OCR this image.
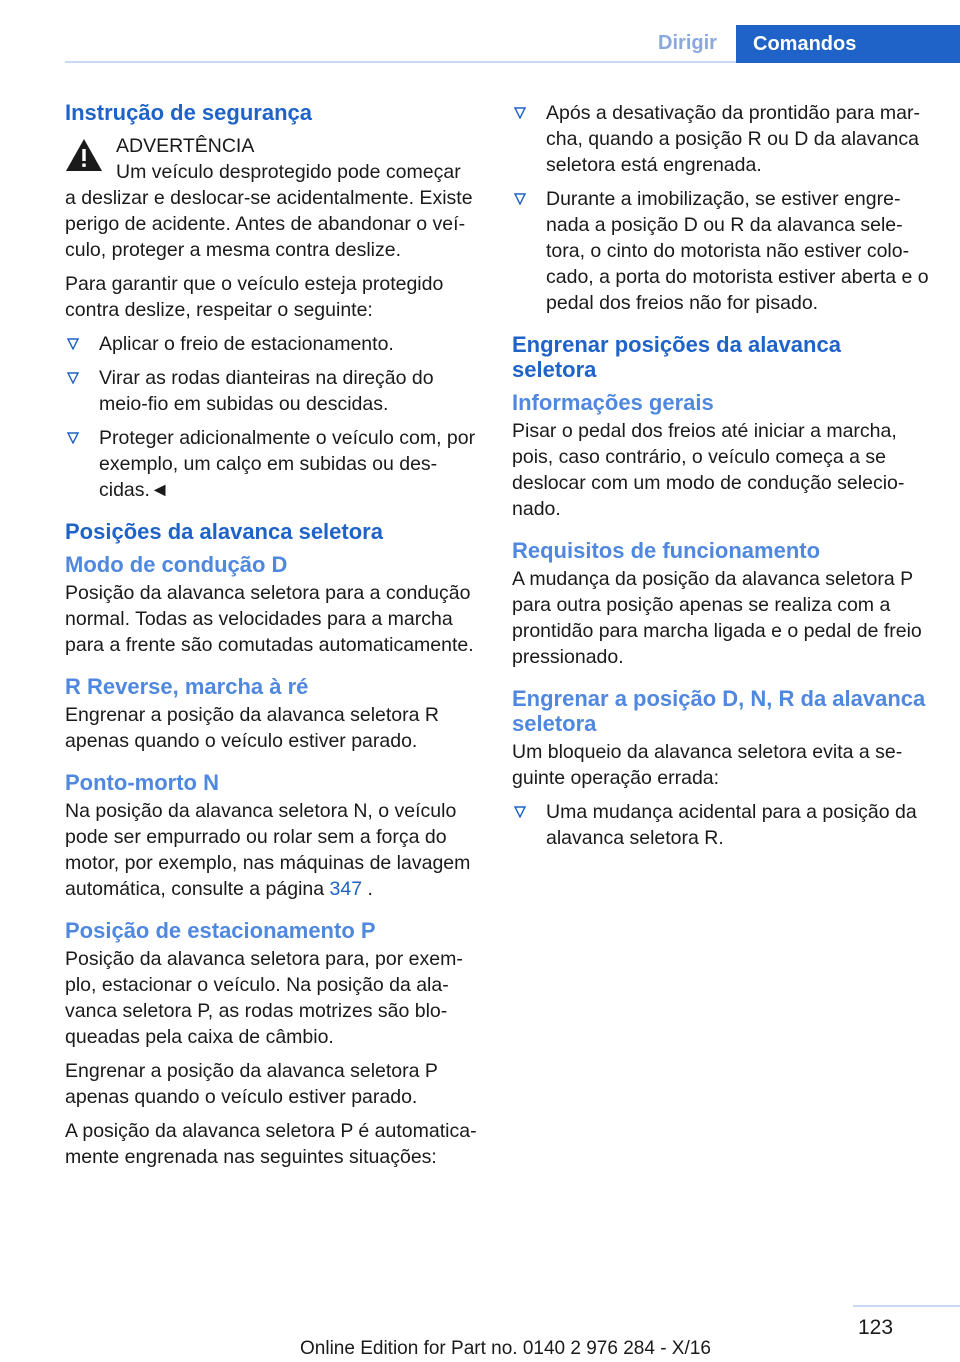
Dirigir	Comandos
Instrução de segurança
ADVERTÊNCIA
Um veículo desprotegido pode começar

a deslizar e deslocar-se acidentalmente. Existe perigo de acidente. Antes de abandonar o veículo, proteger a mesma contra deslize.

Para garantir que o veículo esteja protegido contra deslize, respeitar o seguinte:

Aplicar o freio de estacionamento.
Virar as rodas dianteiras na direção do meio-fio em subidas ou descidas.
Proteger adicionalmente o veículo com, por exemplo, um calço em subidas ou descidas.◄
Posições da alavanca seletora
Modo de condução D

Posição da alavanca seletora para a condução normal. Todas as velocidades para a marcha para a frente são comutadas automaticamente.

R Reverse, marcha à ré

Engrenar a posição da alavanca seletora R apenas quando o veículo estiver parado.

Ponto-morto N

Na posição da alavanca seletora N, o veículo pode ser empurrado ou rolar sem a força do motor, por exemplo, nas máquinas de lavagem automática, consulte a página 347 .

Posição de estacionamento P

Posição da alavanca seletora para, por exemplo, estacionar o veículo. Na posição da alavanca seletora P, as rodas motrizes são bloqueadas pela caixa de câmbio.

Engrenar a posição da alavanca seletora P apenas quando o veículo estiver parado.

A posição da alavanca seletora P é automaticamente engrenada nas seguintes situações:

Após a desativação da prontidão para marcha, quando a posição R ou D da alavanca seletora está engrenada.
Durante a imobilização, se estiver engrenada a posição D ou R da alavanca seletora, o cinto do motorista não estiver colocado, a porta do motorista estiver aberta e o pedal dos freios não for pisado.
Engrenar posições da alavanca seletora
Informações gerais

Pisar o pedal dos freios até iniciar a marcha, pois, caso contrário, o veículo começa a se deslocar com um modo de condução selecionado.

Requisitos de funcionamento

A mudança da posição da alavanca seletora P para outra posição apenas se realiza com a prontidão para marcha ligada e o pedal de freio pressionado.

Engrenar a posição D, N, R da alavanca seletora

Um bloqueio da alavanca seletora evita a seguinte operação errada:

Uma mudança acidental para a posição da alavanca seletora R.
123
Online Edition for Part no. 0140 2 976 284 - X/16
